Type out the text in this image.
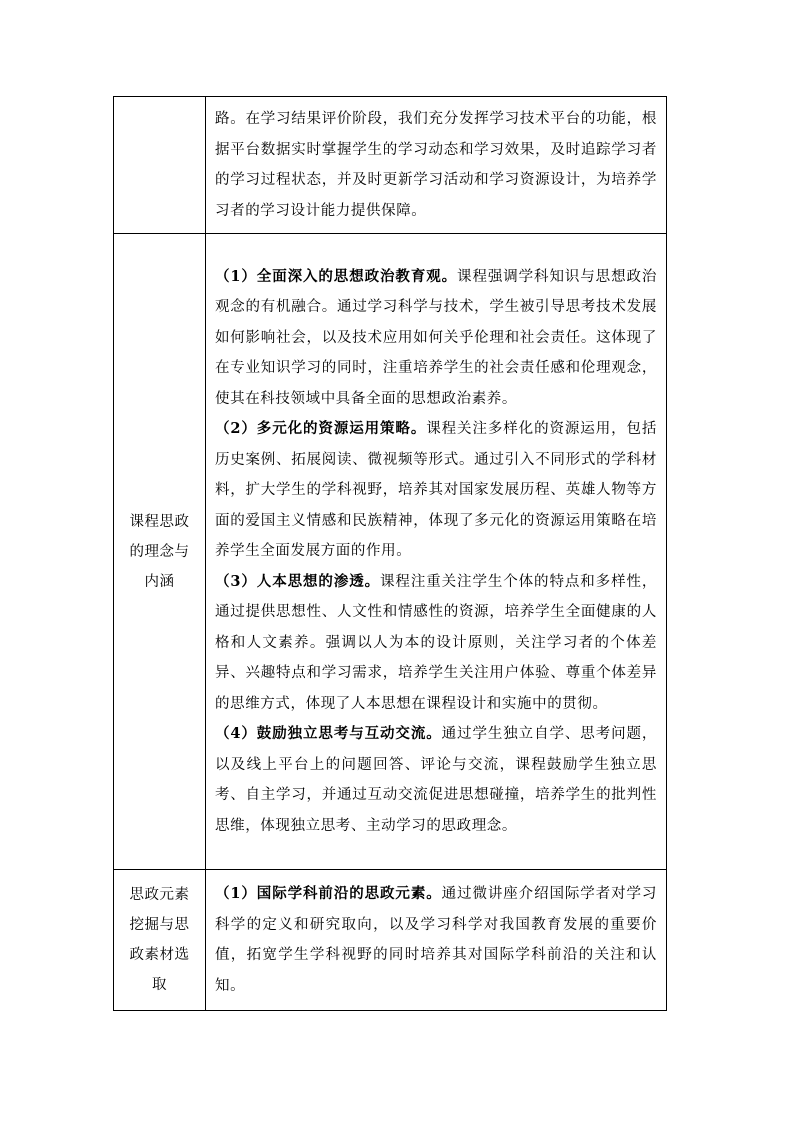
	路。在学习结果评价阶段，我们充分发挥学习技术平台的功能，根据平台数据实时掌握学生的学习动态和学习效果，及时追踪学习者的学习过程状态，并及时更新学习活动和学习资源设计，为培养学习者的学习设计能力提供保障。

课程思政的理念与内涵	（1）全面深入的思想政治教育观。课程强调学科知识与思想政治观念的有机融合。通过学习科学与技术，学生被引导思考技术发展如何影响社会，以及技术应用如何关乎伦理和社会责任。这体现了在专业知识学习的同时，注重培养学生的社会责任感和伦理观念，使其在科技领域中具备全面的思想政治素养。

（2）多元化的资源运用策略。课程关注多样化的资源运用，包括历史案例、拓展阅读、微视频等形式。通过引入不同形式的学科材料，扩大学生的学科视野，培养其对国家发展历程、英雄人物等方面的爱国主义情感和民族精神，体现了多元化的资源运用策略在培养学生全面发展方面的作用。

（3）人本思想的渗透。课程注重关注学生个体的特点和多样性，通过提供思想性、人文性和情感性的资源，培养学生全面健康的人格和人文素养。强调以人为本的设计原则，关注学习者的个体差异、兴趣特点和学习需求，培养学生关注用户体验、尊重个体差异的思维方式，体现了人本思想在课程设计和实施中的贯彻。

（4）鼓励独立思考与互动交流。通过学生独立自学、思考问题，以及线上平台上的问题回答、评论与交流，课程鼓励学生独立思考、自主学习，并通过互动交流促进思想碰撞，培养学生的批判性思维，体现独立思考、主动学习的思政理念。

思政元素挖掘与思政素材选取	（1）国际学科前沿的思政元素。通过微讲座介绍国际学者对学习科学的定义和研究取向，以及学习科学对我国教育发展的重要价值，拓宽学生学科视野的同时培养其对国际学科前沿的关注和认知。
